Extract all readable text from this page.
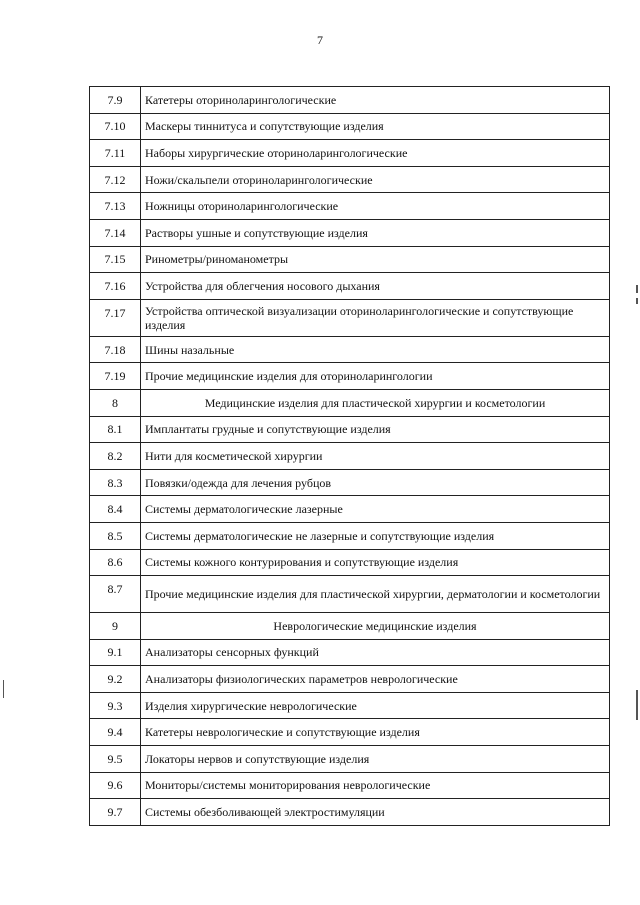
7
7.9	Катетеры оториноларингологические
7.10	Маскеры тиннитуса и сопутствующие изделия
7.11	Наборы хирургические оториноларингологические
7.12	Ножи/скальпели оториноларингологические
7.13	Ножницы оториноларингологические
7.14	Растворы ушные и сопутствующие изделия
7.15	Ринометры/риноманометры
7.16	Устройства для облегчения носового дыхания
7.17	Устройства оптической визуализации оториноларингологические и сопутствующие изделия
7.18	Шины назальные
7.19	Прочие медицинские изделия для оториноларингологии
8	Медицинские изделия для пластической хирургии и косметологии
8.1	Имплантаты грудные и сопутствующие изделия
8.2	Нити для косметической хирургии
8.3	Повязки/одежда для лечения рубцов
8.4	Системы дерматологические лазерные
8.5	Системы дерматологические не лазерные и сопутствующие изделия
8.6	Системы кожного контурирования и сопутствующие изделия
8.7	Прочие медицинские изделия для пластической хирургии, дерматологии и косметологии
9	Неврологические медицинские изделия
9.1	Анализаторы сенсорных функций
9.2	Анализаторы физиологических параметров неврологические
9.3	Изделия хирургические неврологические
9.4	Катетеры неврологические и сопутствующие изделия
9.5	Локаторы нервов и сопутствующие изделия
9.6	Мониторы/системы мониторирования неврологические
9.7	Системы обезболивающей электростимуляции
